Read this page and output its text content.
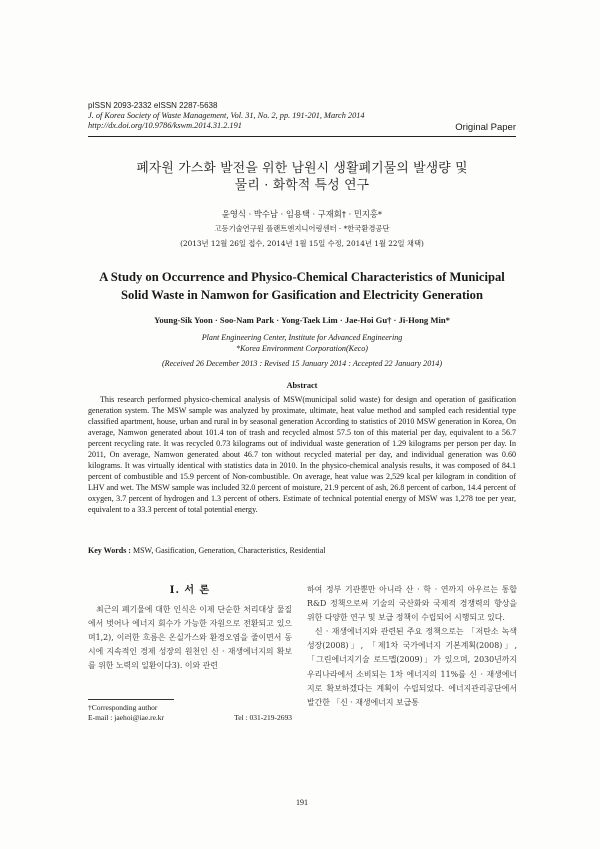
pISSN 2093-2332 eISSN 2287-5638
J. of Korea Society of Waste Management, Vol. 31, No. 2, pp. 191-201, March 2014
http://dx.doi.org/10.9786/kswm.2014.31.2.191	Original Paper
폐자원 가스화 발전을 위한 남원시 생활폐기물의 발생량 및
물리 · 화학적 특성 연구
윤영식 · 박수남 · 임용택 · 구재회† · 민지홍*
고등기술연구원 플랜트엔지니어링센터 · *한국환경공단
(2013년 12월 26일 접수, 2014년 1월 15일 수정, 2014년 1월 22일 채택)
A Study on Occurrence and Physico-Chemical Characteristics of Municipal
Solid Waste in Namwon for Gasification and Electricity Generation
Young-Sik Yoon · Soo-Nam Park · Yong-Taek Lim · Jae-Hoi Gu† · Ji-Hong Min*
Plant Engineering Center, Institute for Advanced Engineering
*Korea Environment Corporation(Keco)
(Received 26 December 2013 : Revised 15 January 2014 : Accepted 22 January 2014)
Abstract
This research performed physico-chemical analysis of MSW(municipal solid waste) for design and operation of gasification generation system. The MSW sample was analyzed by proximate, ultimate, heat value method and sampled each residential type classified apartment, house, urban and rural in by seasonal generation According to statistics of 2010 MSW generation in Korea, On average, Namwon generated about 101.4 ton of trash and recycled almost 57.5 ton of this material per day, equivalent to a 56.7 percent recycling rate. It was recycled 0.73 kilograms out of individual waste generation of 1.29 kilograms per person per day. In 2011, On average, Namwon generated about 46.7 ton without recycled material per day, and individual generation was 0.60 kilograms. It was virtually identical with statistics data in 2010. In the physico-chemical analysis results, it was composed of 84.1 percent of combustible and 15.9 percent of Non-combustible. On average, heat value was 2,529 kcal per kilogram in condition of LHV and wet. The MSW sample was included 32.0 percent of moisture, 21.9 percent of ash, 26.8 percent of carbon, 14.4 percent of oxygen, 3.7 percent of hydrogen and 1.3 percent of others. Estimate of technical potential energy of MSW was 1,278 toe per year, equivalent to a 33.3 percent of total potential energy.
Key Words : MSW, Gasification, Generation, Characteristics, Residential
I. 서 론

최근의 폐기물에 대한 인식은 이제 단순한 처리대상 물질에서 벗어나 에너지 회수가 가능한 자원으로 전환되고 있으며1,2), 이러한 흐름은 온실가스와 환경오염을 줄이면서 동시에 지속적인 경제 성장의 원천인 신 · 재생에너지의 확보를 위한 노력의 일환이다3). 이와 관련

하여 정부 기관뿐만 아니라 산 · 학 · 연까지 아우르는 통합 R&D 정책으로써 기술의 국산화와 국제적 경쟁력의 향상을 위한 다양한 연구 및 보급 정책이 수립되어 시행되고 있다.

신 · 재생에너지와 관련된 주요 정책으로는 「저탄소 녹색성장(2008)」, 「제1차 국가에너지 기본계획(2008)」, 「그린에너지기술 로드맵(2009)」가 있으며, 2030년까지 우리나라에서 소비되는 1차 에너지의 11%를 신 · 재생에너지로 확보하겠다는 계획이 수립되었다. 에너지관리공단에서 발간한 「신 · 재생에너지 보급통

†Corresponding author
E-mail : jaehoi@iae.re.kr	Tel : 031-219-2693
191
